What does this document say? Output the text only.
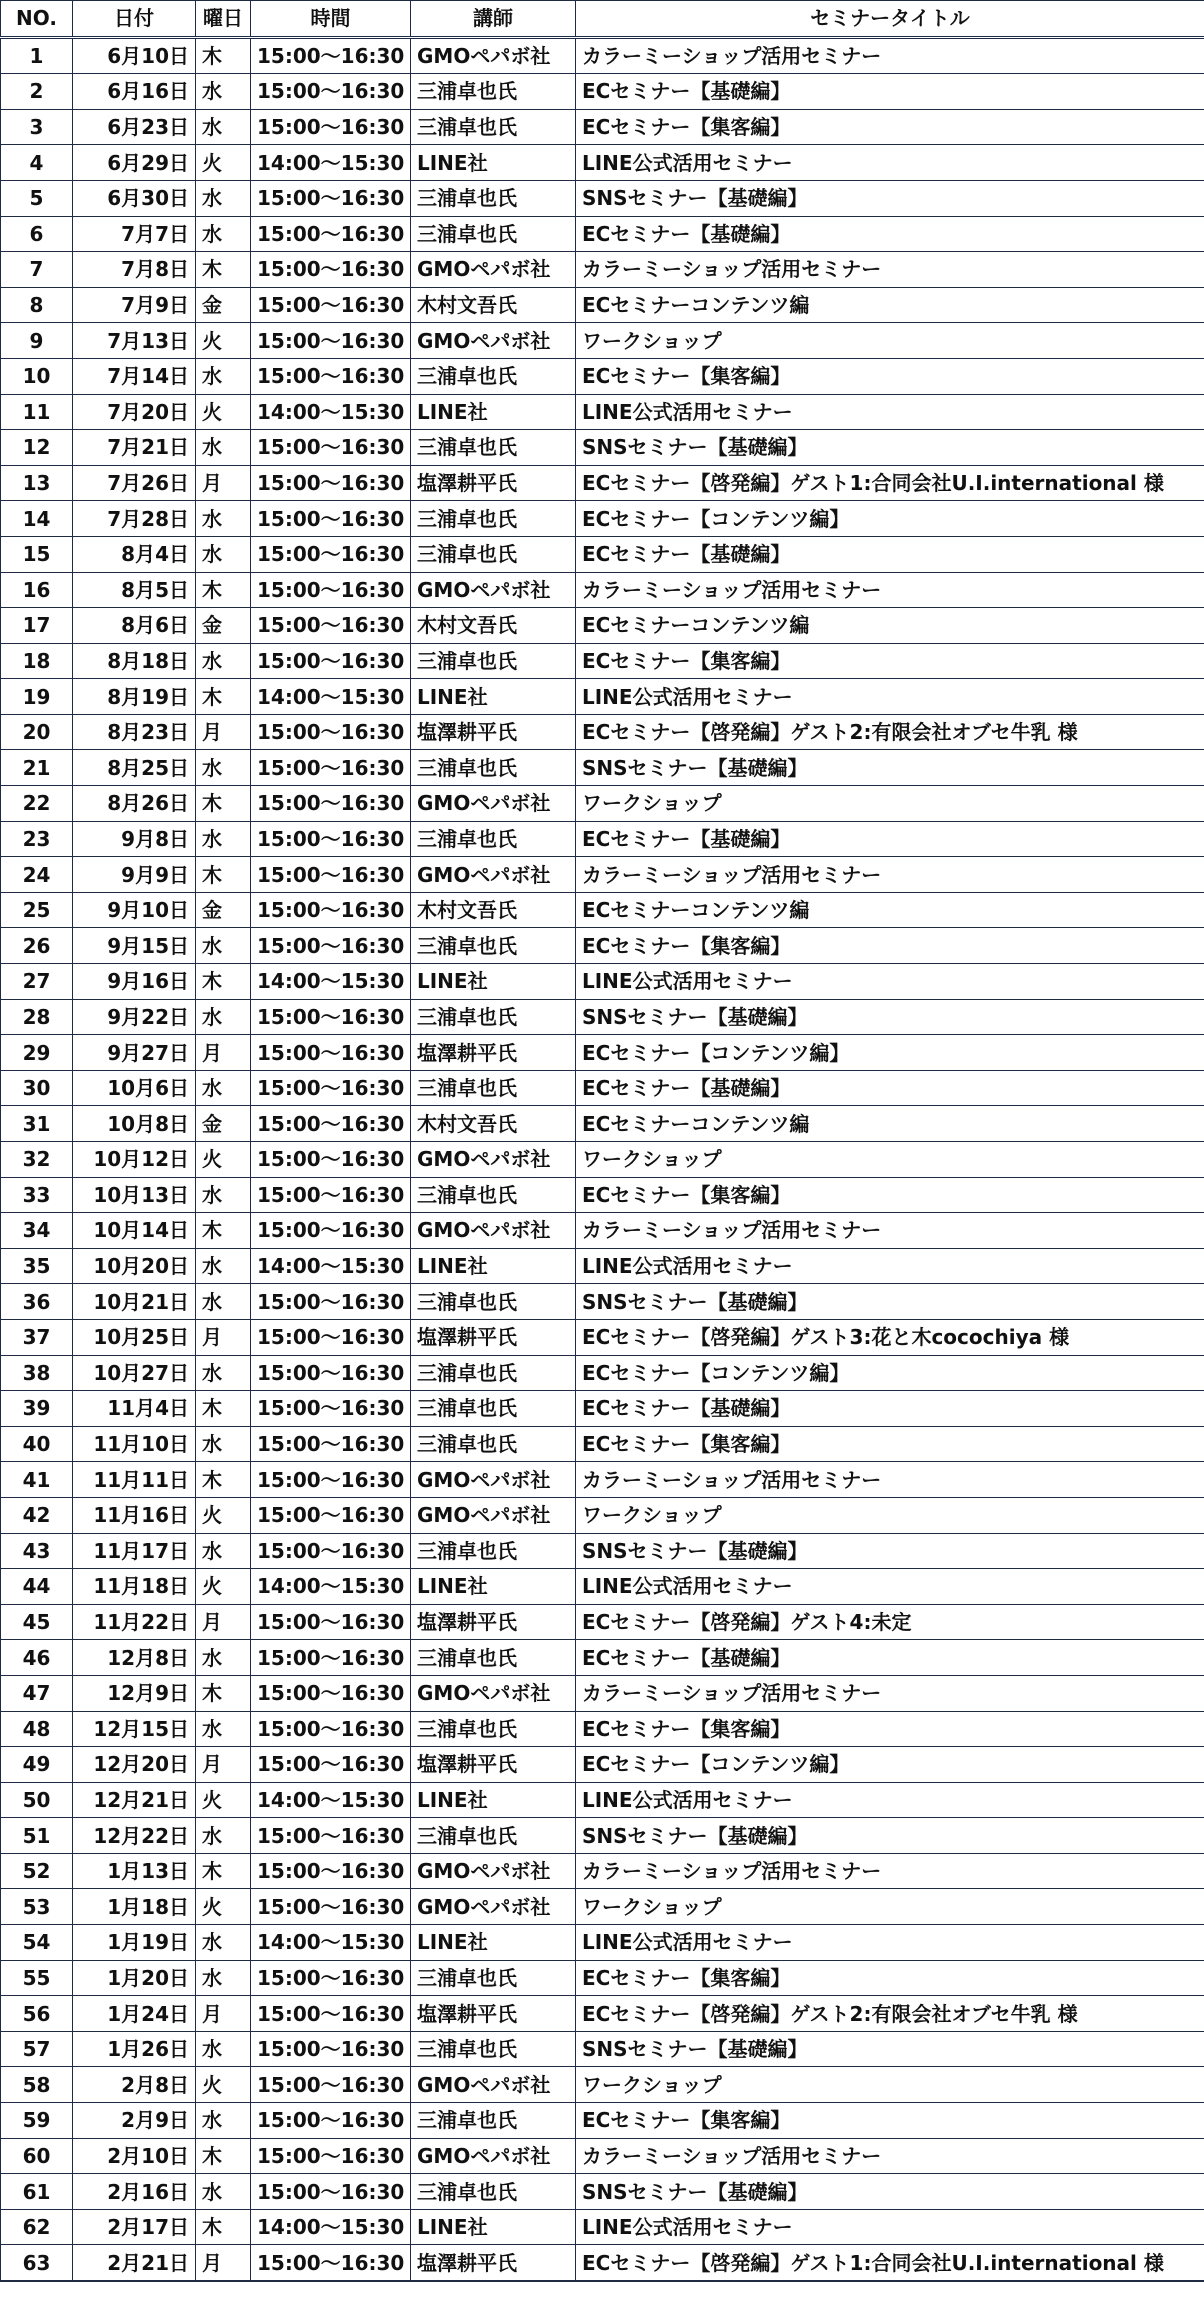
NO.	日付	曜日	時間	講師	セミナータイトル
1	6月10日	木	15:00～16:30	GMOペパボ社	カラーミーショップ活用セミナー
2	6月16日	水	15:00～16:30	三浦卓也氏	ECセミナー【基礎編】
3	6月23日	水	15:00～16:30	三浦卓也氏	ECセミナー【集客編】
4	6月29日	火	14:00～15:30	LINE社	LINE公式活用セミナー
5	6月30日	水	15:00～16:30	三浦卓也氏	SNSセミナー【基礎編】
6	7月7日	水	15:00～16:30	三浦卓也氏	ECセミナー【基礎編】
7	7月8日	木	15:00～16:30	GMOペパボ社	カラーミーショップ活用セミナー
8	7月9日	金	15:00～16:30	木村文吾氏	ECセミナーコンテンツ編
9	7月13日	火	15:00～16:30	GMOペパボ社	ワークショップ
10	7月14日	水	15:00～16:30	三浦卓也氏	ECセミナー【集客編】
11	7月20日	火	14:00～15:30	LINE社	LINE公式活用セミナー
12	7月21日	水	15:00～16:30	三浦卓也氏	SNSセミナー【基礎編】
13	7月26日	月	15:00～16:30	塩澤耕平氏	ECセミナー【啓発編】ゲスト1:合同会社U.I.international 様
14	7月28日	水	15:00～16:30	三浦卓也氏	ECセミナー【コンテンツ編】
15	8月4日	水	15:00～16:30	三浦卓也氏	ECセミナー【基礎編】
16	8月5日	木	15:00～16:30	GMOペパボ社	カラーミーショップ活用セミナー
17	8月6日	金	15:00～16:30	木村文吾氏	ECセミナーコンテンツ編
18	8月18日	水	15:00～16:30	三浦卓也氏	ECセミナー【集客編】
19	8月19日	木	14:00～15:30	LINE社	LINE公式活用セミナー
20	8月23日	月	15:00～16:30	塩澤耕平氏	ECセミナー【啓発編】ゲスト2:有限会社オブセ牛乳 様
21	8月25日	水	15:00～16:30	三浦卓也氏	SNSセミナー【基礎編】
22	8月26日	木	15:00～16:30	GMOペパボ社	ワークショップ
23	9月8日	水	15:00～16:30	三浦卓也氏	ECセミナー【基礎編】
24	9月9日	木	15:00～16:30	GMOペパボ社	カラーミーショップ活用セミナー
25	9月10日	金	15:00～16:30	木村文吾氏	ECセミナーコンテンツ編
26	9月15日	水	15:00～16:30	三浦卓也氏	ECセミナー【集客編】
27	9月16日	木	14:00～15:30	LINE社	LINE公式活用セミナー
28	9月22日	水	15:00～16:30	三浦卓也氏	SNSセミナー【基礎編】
29	9月27日	月	15:00～16:30	塩澤耕平氏	ECセミナー【コンテンツ編】
30	10月6日	水	15:00～16:30	三浦卓也氏	ECセミナー【基礎編】
31	10月8日	金	15:00～16:30	木村文吾氏	ECセミナーコンテンツ編
32	10月12日	火	15:00～16:30	GMOペパボ社	ワークショップ
33	10月13日	水	15:00～16:30	三浦卓也氏	ECセミナー【集客編】
34	10月14日	木	15:00～16:30	GMOペパボ社	カラーミーショップ活用セミナー
35	10月20日	水	14:00～15:30	LINE社	LINE公式活用セミナー
36	10月21日	水	15:00～16:30	三浦卓也氏	SNSセミナー【基礎編】
37	10月25日	月	15:00～16:30	塩澤耕平氏	ECセミナー【啓発編】ゲスト3:花と木cocochiya 様
38	10月27日	水	15:00～16:30	三浦卓也氏	ECセミナー【コンテンツ編】
39	11月4日	木	15:00～16:30	三浦卓也氏	ECセミナー【基礎編】
40	11月10日	水	15:00～16:30	三浦卓也氏	ECセミナー【集客編】
41	11月11日	木	15:00～16:30	GMOペパボ社	カラーミーショップ活用セミナー
42	11月16日	火	15:00～16:30	GMOペパボ社	ワークショップ
43	11月17日	水	15:00～16:30	三浦卓也氏	SNSセミナー【基礎編】
44	11月18日	火	14:00～15:30	LINE社	LINE公式活用セミナー
45	11月22日	月	15:00～16:30	塩澤耕平氏	ECセミナー【啓発編】ゲスト4:未定
46	12月8日	水	15:00～16:30	三浦卓也氏	ECセミナー【基礎編】
47	12月9日	木	15:00～16:30	GMOペパボ社	カラーミーショップ活用セミナー
48	12月15日	水	15:00～16:30	三浦卓也氏	ECセミナー【集客編】
49	12月20日	月	15:00～16:30	塩澤耕平氏	ECセミナー【コンテンツ編】
50	12月21日	火	14:00～15:30	LINE社	LINE公式活用セミナー
51	12月22日	水	15:00～16:30	三浦卓也氏	SNSセミナー【基礎編】
52	1月13日	木	15:00～16:30	GMOペパボ社	カラーミーショップ活用セミナー
53	1月18日	火	15:00～16:30	GMOペパボ社	ワークショップ
54	1月19日	水	14:00～15:30	LINE社	LINE公式活用セミナー
55	1月20日	水	15:00～16:30	三浦卓也氏	ECセミナー【集客編】
56	1月24日	月	15:00～16:30	塩澤耕平氏	ECセミナー【啓発編】ゲスト2:有限会社オブセ牛乳 様
57	1月26日	水	15:00～16:30	三浦卓也氏	SNSセミナー【基礎編】
58	2月8日	火	15:00～16:30	GMOペパボ社	ワークショップ
59	2月9日	水	15:00～16:30	三浦卓也氏	ECセミナー【集客編】
60	2月10日	木	15:00～16:30	GMOペパボ社	カラーミーショップ活用セミナー
61	2月16日	水	15:00～16:30	三浦卓也氏	SNSセミナー【基礎編】
62	2月17日	木	14:00～15:30	LINE社	LINE公式活用セミナー
63	2月21日	月	15:00～16:30	塩澤耕平氏	ECセミナー【啓発編】ゲスト1:合同会社U.I.international 様
